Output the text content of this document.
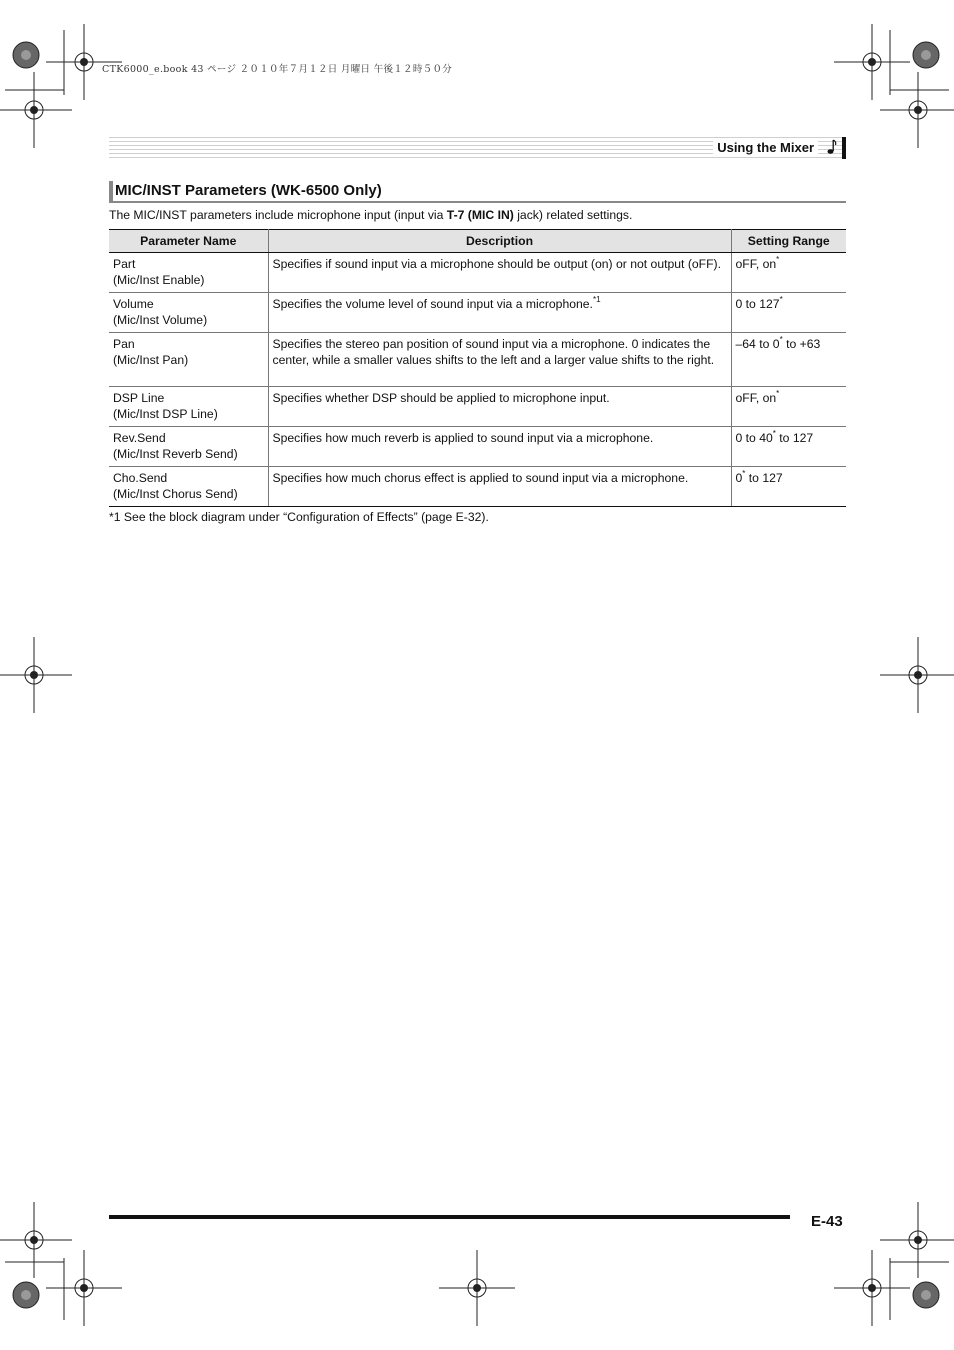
CTK6000_e.book 43 ページ ２０１０年７月１２日 月曜日 午後１２時５０分
Using the Mixer
MIC/INST Parameters (WK-6500 Only)
The MIC/INST parameters include microphone input (input via T-7 (MIC IN) jack) related settings.
Parameter Name	Description	Setting Range
Part
(Mic/Inst Enable)	Specifies if sound input via a microphone should be output (on) or not output (oFF).	oFF, on*
Volume
(Mic/Inst Volume)	Specifies the volume level of sound input via a microphone.$^{*1}$	0 to 127*
Pan
(Mic/Inst Pan)	Specifies the stereo pan position of sound input via a microphone. 0 indicates the center, while a smaller values shifts to the left and a larger value shifts to the right.	–64 to 0* to +63
DSP Line
(Mic/Inst DSP Line)	Specifies whether DSP should be applied to microphone input.	oFF, on*
Rev.Send
(Mic/Inst Reverb Send)	Specifies how much reverb is applied to sound input via a microphone.	0 to 40* to 127
Cho.Send
(Mic/Inst Chorus Send)	Specifies how much chorus effect is applied to sound input via a microphone.	0* to 127
*1 See the block diagram under “Configuration of Effects” (page E-32).
E-43
